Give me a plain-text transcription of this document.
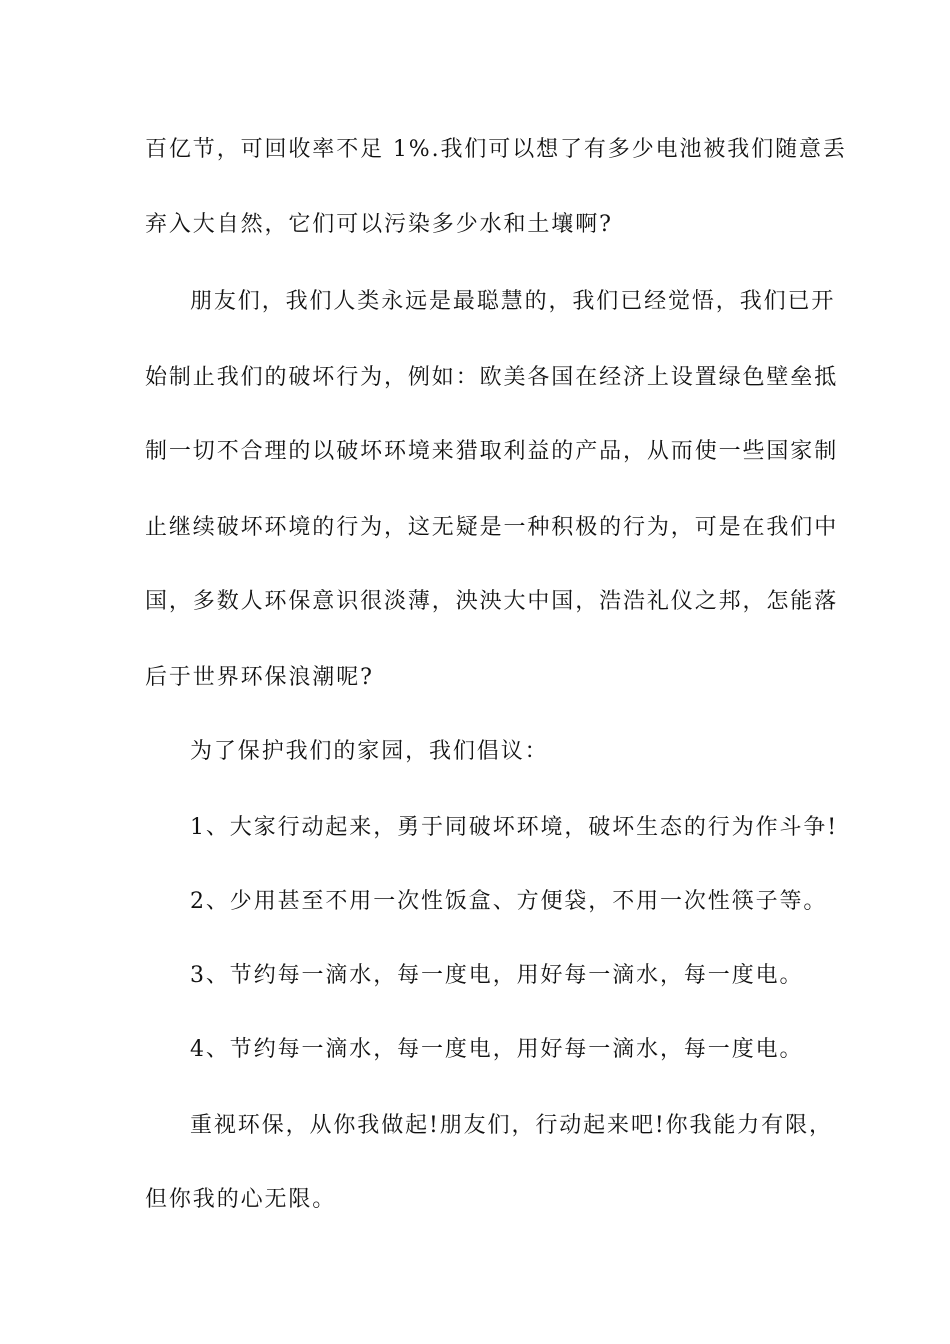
百亿节，可回收率不足 1%.我们可以想了有多少电池被我们随意丢
弃入大自然，它们可以污染多少水和土壤啊?
朋友们，我们人类永远是最聪慧的，我们已经觉悟，我们已开
始制止我们的破坏行为，例如：欧美各国在经济上设置绿色壁垒抵
制一切不合理的以破坏环境来猎取利益的产品，从而使一些国家制
止继续破坏环境的行为，这无疑是一种积极的行为，可是在我们中
国，多数人环保意识很淡薄，泱泱大中国，浩浩礼仪之邦，怎能落
后于世界环保浪潮呢?
为了保护我们的家园，我们倡议：
1、大家行动起来，勇于同破坏环境，破坏生态的行为作斗争!
2、少用甚至不用一次性饭盒、方便袋，不用一次性筷子等。
3、节约每一滴水，每一度电，用好每一滴水，每一度电。
4、节约每一滴水，每一度电，用好每一滴水，每一度电。
重视环保，从你我做起!朋友们，行动起来吧!你我能力有限，
但你我的心无限。
